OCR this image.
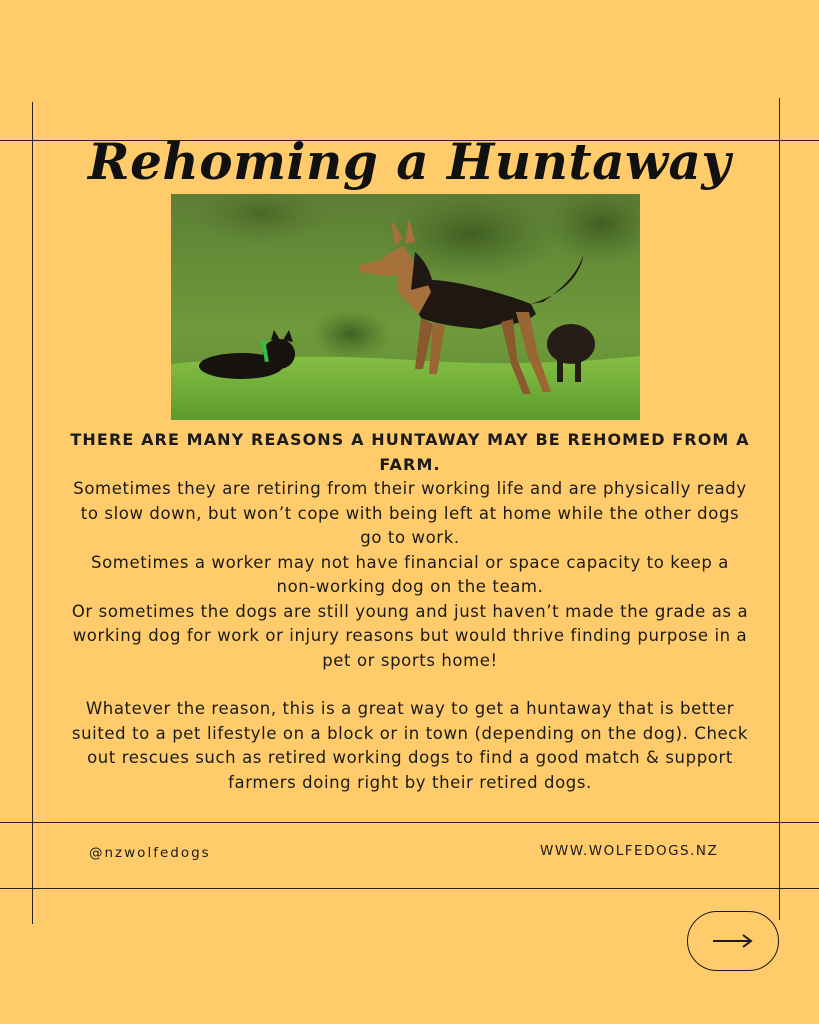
Rehoming a Huntaway

THERE ARE MANY REASONS A HUNTAWAY MAY BE REHOMED FROM A FARM.

Sometimes they are retiring from their working life and are physically ready to slow down, but won’t cope with being left at home while the other dogs go to work.

Sometimes a worker may not have financial or space capacity to keep a non-working dog on the team.

Or sometimes the dogs are still young and just haven’t made the grade as a working dog for work or injury reasons but would thrive finding purpose in a pet or sports home!

Whatever the reason, this is a great way to get a huntaway that is better suited to a pet lifestyle on a block or in town (depending on the dog). Check out rescues such as retired working dogs to find a good match & support farmers doing right by their retired dogs.

@nzwolfedogs	WWW.WOLFEDOGS.NZ
